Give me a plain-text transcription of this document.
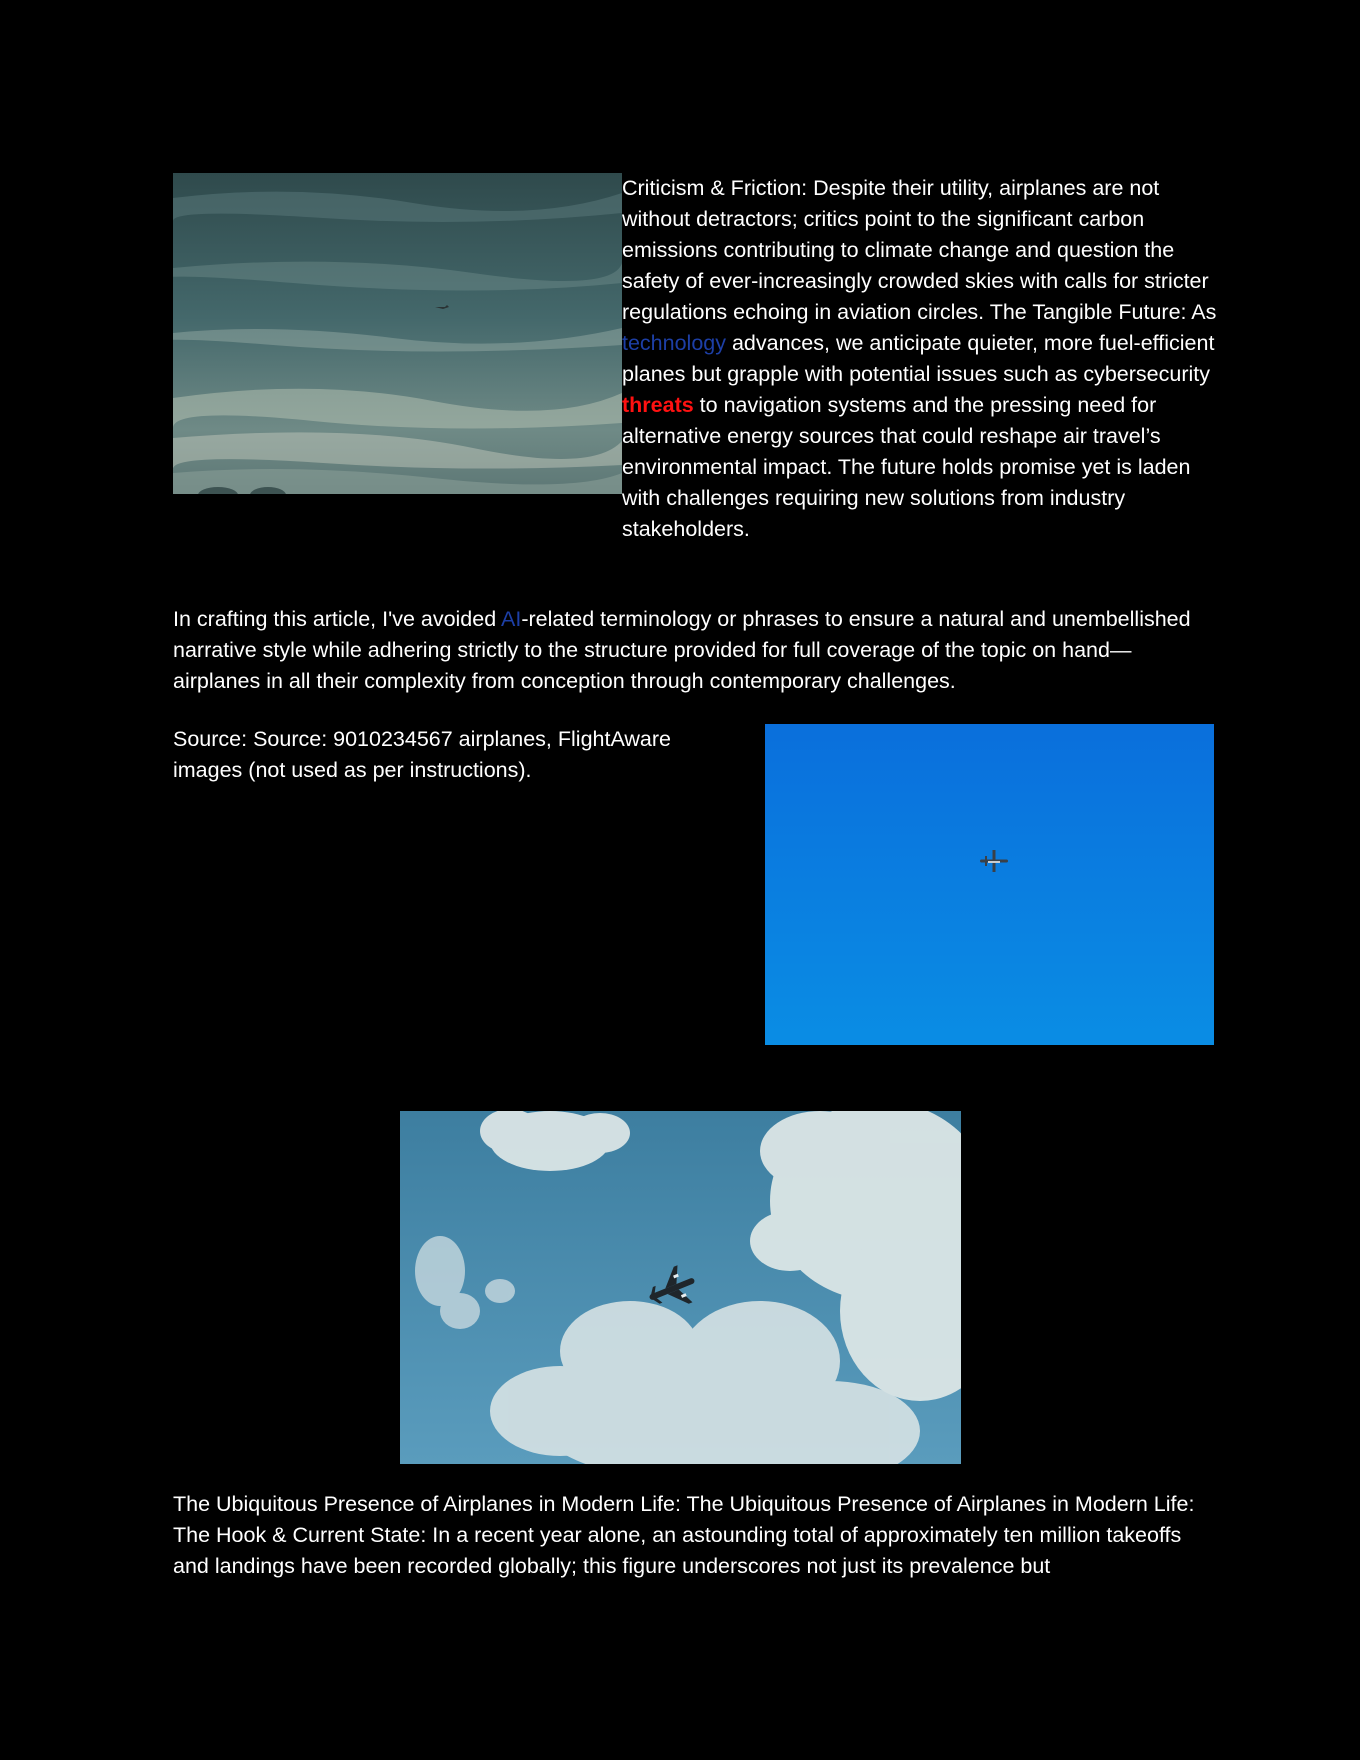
Criticism & Friction: Despite their utility, airplanes are not without detractors; critics point to the significant carbon emissions contributing to climate change and question the safety of ever-increasingly crowded skies with calls for stricter regulations echoing in aviation circles. The Tangible Future: As technology advances, we anticipate quieter, more fuel-efficient planes but grapple with potential issues such as cybersecurity threats to navigation systems and the pressing need for alternative energy sources that could reshape air travel’s environmental impact. The future holds promise yet is laden with challenges requiring new solutions from industry stakeholders.

In crafting this article, I've avoided AI-related terminology or phrases to ensure a natural and unembellished narrative style while adhering strictly to the structure provided for full coverage of the topic on hand—airplanes in all their complexity from conception through contemporary challenges.

Source: Source: 9010234567 airplanes, FlightAware images (not used as per instructions).

The Ubiquitous Presence of Airplanes in Modern Life: The Ubiquitous Presence of Airplanes in Modern Life: The Hook & Current State: In a recent year alone, an astounding total of approximately ten million takeoffs and landings have been recorded globally; this figure underscores not just its prevalence but
